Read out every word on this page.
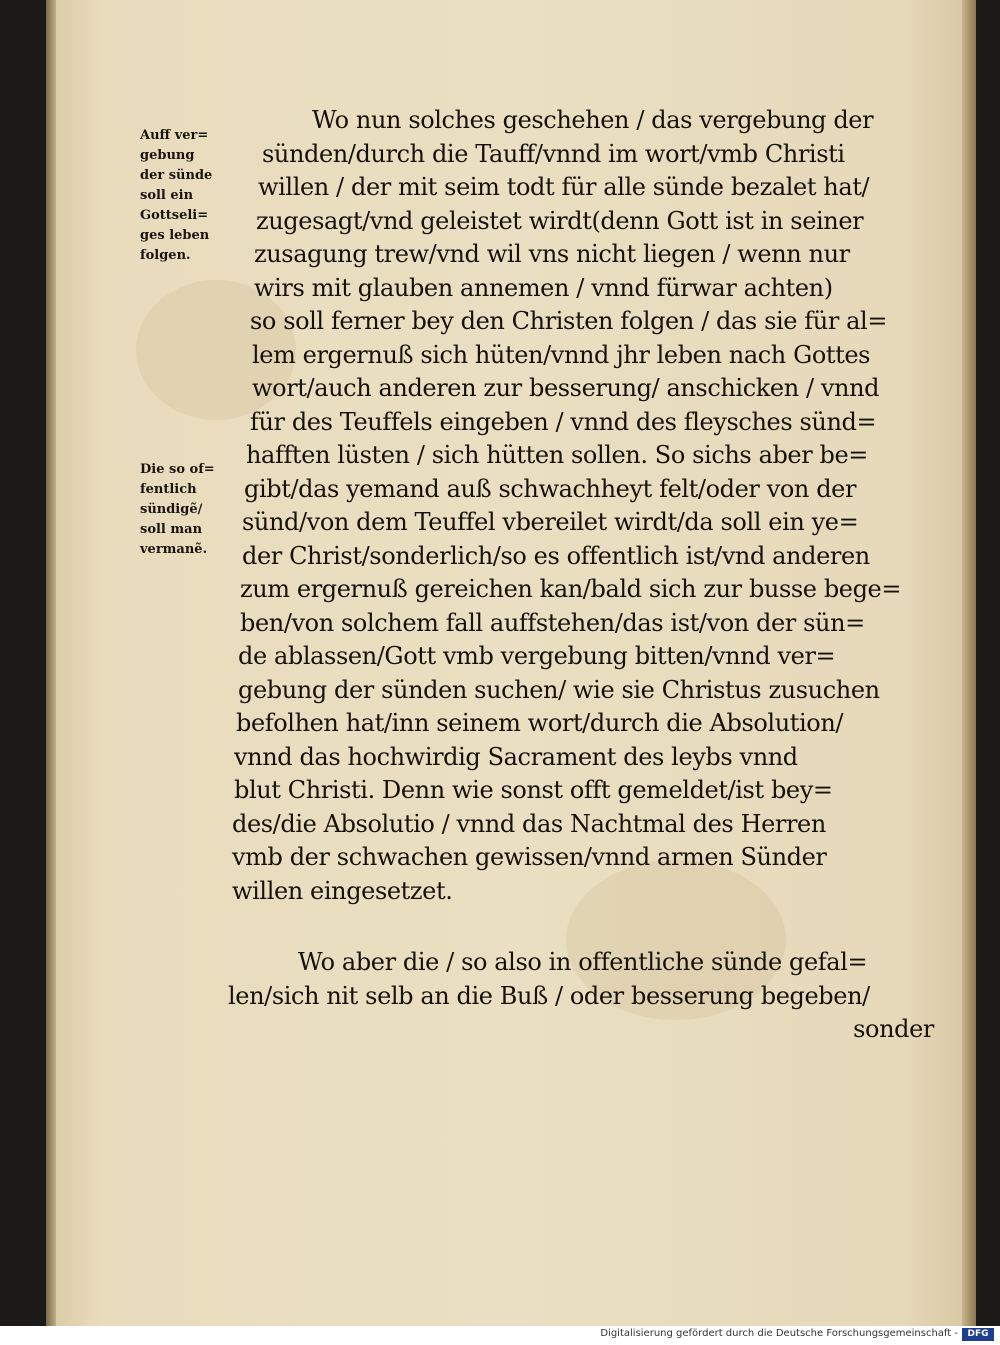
Auff ver=
gebung
der sünde
soll ein
Gottseli=
ges leben
folgen.
Die so of=
fentlich
sündigẽ/
soll man
vermanẽ.
Wo nun solches geschehen / das vergebung der
sünden/durch die Tauff/vnnd im wort/vmb Christi
willen / der mit seim todt für alle sünde bezalet hat/
zugesagt/vnd geleistet wirdt(denn Gott ist in seiner
zusagung trew/vnd wil vns nicht liegen / wenn nur
wirs mit glauben annemen / vnnd fürwar achten)
so soll ferner bey den Christen folgen / das sie für al=
lem ergernuß sich hüten/vnnd jhr leben nach Gottes
wort/auch anderen zur besserung/ anschicken / vnnd
für des Teuffels eingeben / vnnd des fleysches sünd=
hafften lüsten / sich hütten sollen. So sichs aber be=
gibt/das yemand auß schwachheyt felt/oder von der
sünd/von dem Teuffel vbereilet wirdt/da soll ein ye=
der Christ/sonderlich/so es offentlich ist/vnd anderen
zum ergernuß gereichen kan/bald sich zur busse bege=
ben/von solchem fall auffstehen/das ist/von der sün=
de ablassen/Gott vmb vergebung bitten/vnnd ver=
gebung der sünden suchen/ wie sie Christus zusuchen
befolhen hat/inn seinem wort/durch die Absolution/
vnnd das hochwirdig Sacrament des leybs vnnd
blut Christi. Denn wie sonst offt gemeldet/ist bey=
des/die Absolutio / vnnd das Nachtmal des Herren
vmb der schwachen gewissen/vnnd armen Sünder
willen eingesetzet.
Wo aber die / so also in offentliche sünde gefal=
len/sich nit selb an die Buß / oder besserung begeben/
sonder
Digitalisierung gefördert durch die Deutsche Forschungsgemeinschaft -	DFG
